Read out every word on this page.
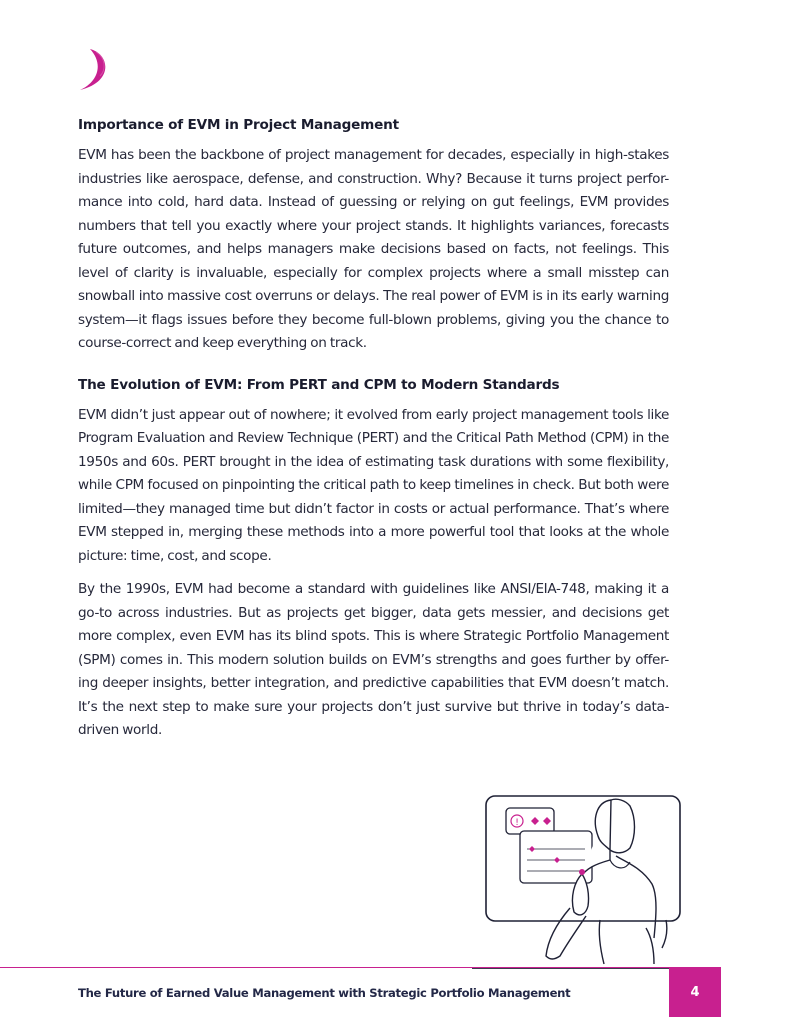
Importance of EVM in Project Management

EVM has been the backbone of project management for decades, especially in high-stakes industries like aerospace, defense, and construction. Why? Because it turns project perfor-mance into cold, hard data. Instead of guessing or relying on gut feelings, EVM provides numbers that tell you exactly where your project stands. It highlights variances, forecasts future outcomes, and helps managers make decisions based on facts, not feelings. This level of clarity is invaluable, especially for complex projects where a small misstep can snowball into massive cost overruns or delays. The real power of EVM is in its early warning system—it flags issues before they become full-blown problems, giving you the chance to course-correct and keep everything on track.

The Evolution of EVM: From PERT and CPM to Modern Standards

EVM didn’t just appear out of nowhere; it evolved from early project management tools like Program Evaluation and Review Technique (PERT) and the Critical Path Method (CPM) in the 1950s and 60s. PERT brought in the idea of estimating task durations with some flexibility, while CPM focused on pinpointing the critical path to keep timelines in check. But both were limited—they managed time but didn’t factor in costs or actual performance. That’s where EVM stepped in, merging these methods into a more powerful tool that looks at the whole picture: time, cost, and scope.

By the 1990s, EVM had become a standard with guidelines like ANSI/EIA-748, making it a go-to across industries. But as projects get bigger, data gets messier, and decisions get more complex, even EVM has its blind spots. This is where Strategic Portfolio Management (SPM) comes in. This modern solution builds on EVM’s strengths and goes further by offer-ing deeper insights, better integration, and predictive capabilities that EVM doesn’t match. It’s the next step to make sure your projects don’t just survive but thrive in today’s data-driven world.

!
The Future of Earned Value Management with Strategic Portfolio Management	4
